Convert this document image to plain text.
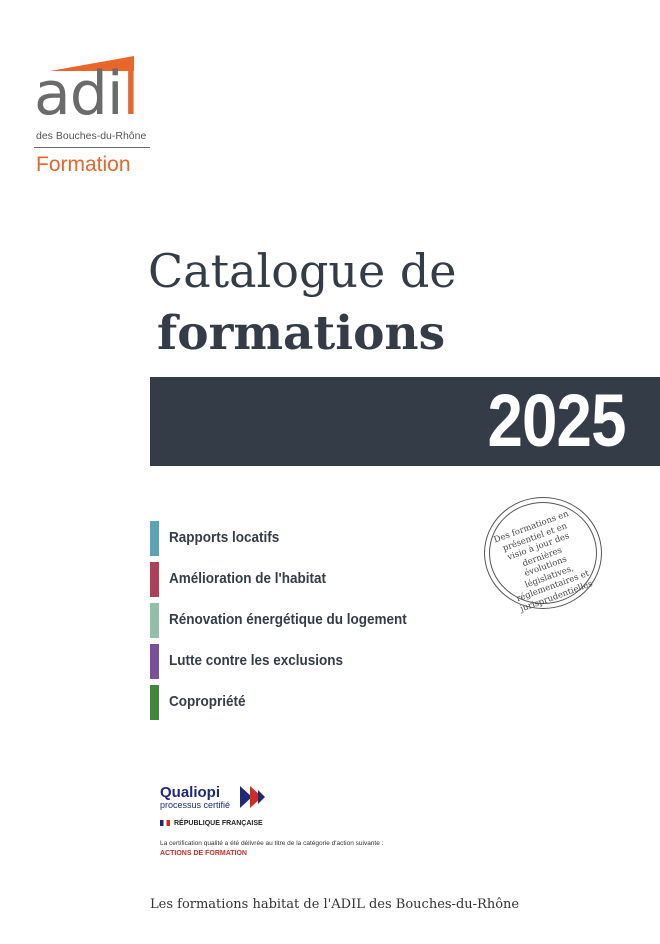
adil
des Bouches-du-Rhône
Formation
Catalogue de
formations
2025
Rapports locatifs
Amélioration de l'habitat
Rénovation énergétique du logement
Lutte contre les exclusions
Copropriété
Des formations en présentiel et en visio à jour des dernières évolutions législatives, réglementaires et jurisprudentielles
Qualiopi
processus certifié
RÉPUBLIQUE FRANÇAISE
La certification qualité a été délivrée au titre de la catégorie d'action suivante :
ACTIONS DE FORMATION
Les formations habitat de l'ADIL des Bouches-du-Rhône
